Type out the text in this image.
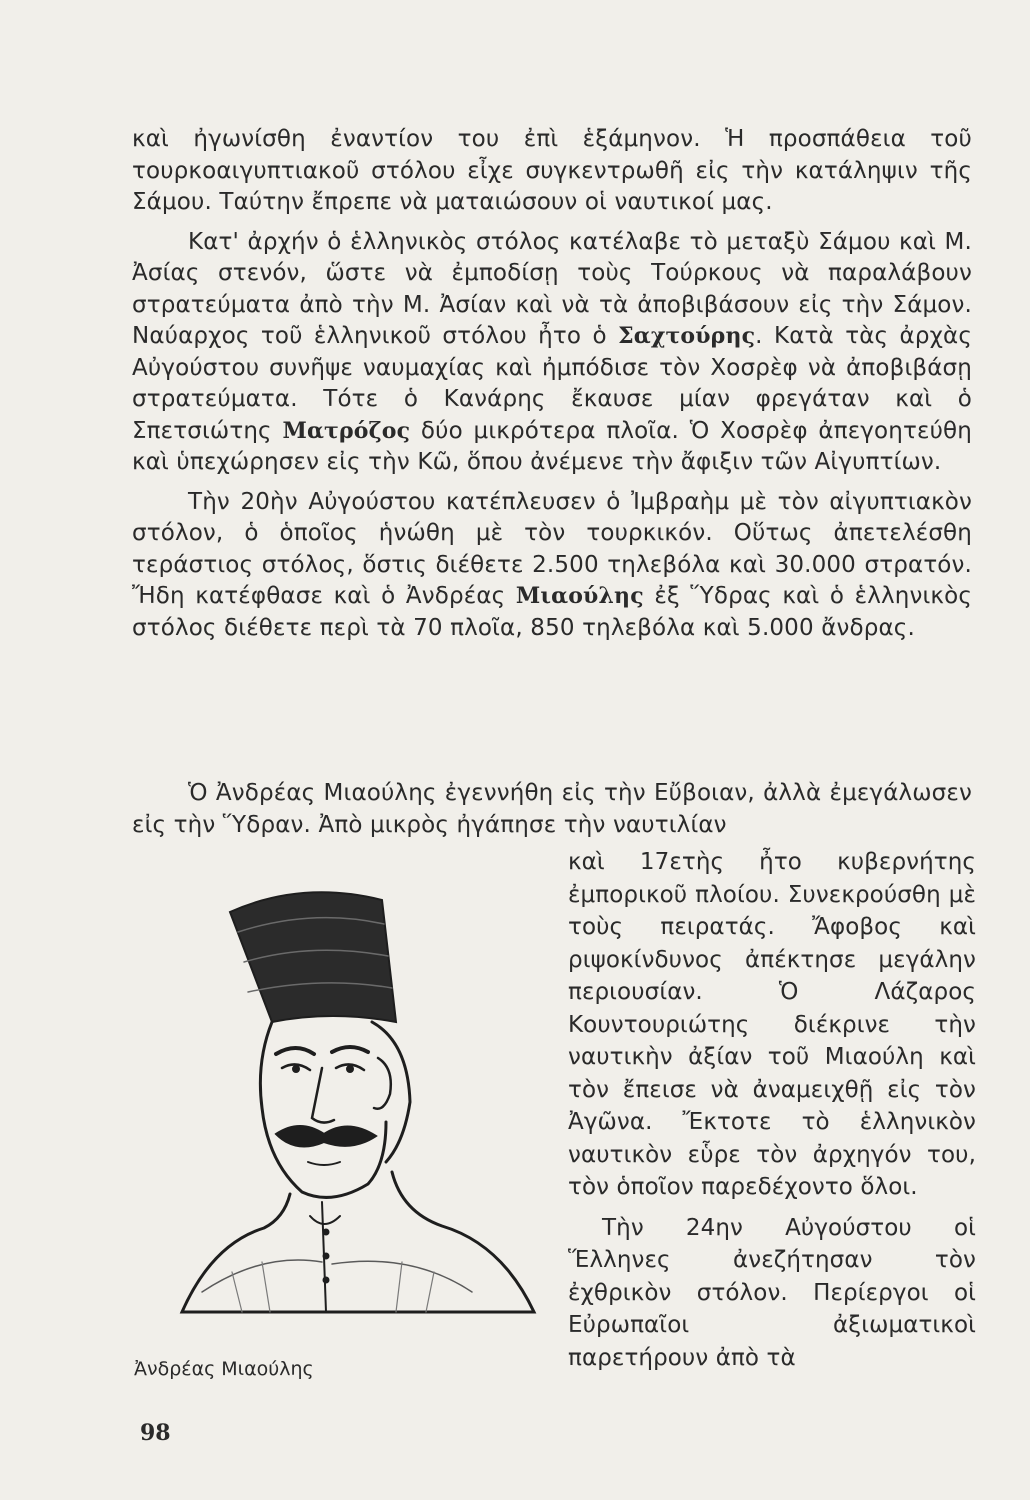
καὶ ἠγωνίσθη ἐναντίον του ἐπὶ ἑξάμηνον. Ἡ προσπάθεια τοῦ τουρκοαιγυπτιακοῦ στόλου εἶχε συγκεντρωθῆ εἰς τὴν κατάληψιν τῆς Σάμου. Ταύτην ἔπρεπε νὰ ματαιώσουν οἱ ναυτικοί μας.

Κατ' ἀρχήν ὁ ἑλληνικὸς στόλος κατέλαβε τὸ μεταξὺ Σάμου καὶ Μ. Ἀσίας στενόν, ὥστε νὰ ἐμποδίσῃ τοὺς Τούρκους νὰ παραλάβουν στρατεύματα ἀπὸ τὴν Μ. Ἀσίαν καὶ νὰ τὰ ἀποβιβάσουν εἰς τὴν Σάμον. Ναύαρχος τοῦ ἑλληνικοῦ στόλου ἦτο ὁ Σαχτούρης. Κατὰ τὰς ἀρχὰς Αὐγούστου συνῆψε ναυμαχίας καὶ ἠμπόδισε τὸν Χοσρὲφ νὰ ἀποβιβάσῃ στρατεύματα. Τότε ὁ Κανάρης ἔκαυσε μίαν φρεγάταν καὶ ὁ Σπετσιώτης Ματρόζος δύο μικρότερα πλοῖα. Ὁ Χοσρὲφ ἀπεγοητεύθη καὶ ὑπεχώρησεν εἰς τὴν Κῶ, ὅπου ἀνέμενε τὴν ἄφιξιν τῶν Αἰγυπτίων.

Τὴν 20ὴν Αὐγούστου κατέπλευσεν ὁ Ἰμβραὴμ μὲ τὸν αἰγυπτιακὸν στόλον, ὁ ὁποῖος ἡνώθη μὲ τὸν τουρκικόν. Οὕτως ἀπετελέσθη τεράστιος στόλος, ὅστις διέθετε 2.500 τηλεβόλα καὶ 30.000 στρατόν. Ἤδη κατέφθασε καὶ ὁ Ἀνδρέας Μιαούλης ἐξ Ὕδρας καὶ ὁ ἑλληνικὸς στόλος διέθετε περὶ τὰ 70 πλοῖα, 850 τηλεβόλα καὶ 5.000 ἄνδρας.

Ὁ Ἀνδρέας Μιαούλης ἐγεννήθη εἰς τὴν Εὔβοιαν, ἀλλὰ ἐμεγάλωσεν εἰς τὴν Ὕδραν. Ἀπὸ μικρὸς ἠγάπησε τὴν ναυτιλίαν

καὶ 17ετὴς ἦτο κυβερνήτης ἐμπορικοῦ πλοίου. Συνεκρούσθη μὲ τοὺς πειρατάς. Ἄφοβος καὶ ριψοκίνδυνος ἀπέκτησε μεγάλην περιουσίαν. Ὁ Λάζαρος Κουντουριώτης διέκρινε τὴν ναυτικὴν ἀξίαν τοῦ Μιαούλη καὶ τὸν ἔπεισε νὰ ἀναμειχθῇ εἰς τὸν Ἀγῶνα. Ἔκτοτε τὸ ἑλληνικὸν ναυτικὸν εὗρε τὸν ἀρχηγόν του, τὸν ὁποῖον παρεδέχοντο ὅλοι.

Τὴν 24ην Αὐγούστου οἱ Ἕλληνες ἀνεζήτησαν τὸν ἐχθρικὸν στόλον. Περίεργοι οἱ Εὐρωπαῖοι ἀξιωματικοὶ παρετήρουν ἀπὸ τὰ

Ἀνδρέας Μιαούλης
98
